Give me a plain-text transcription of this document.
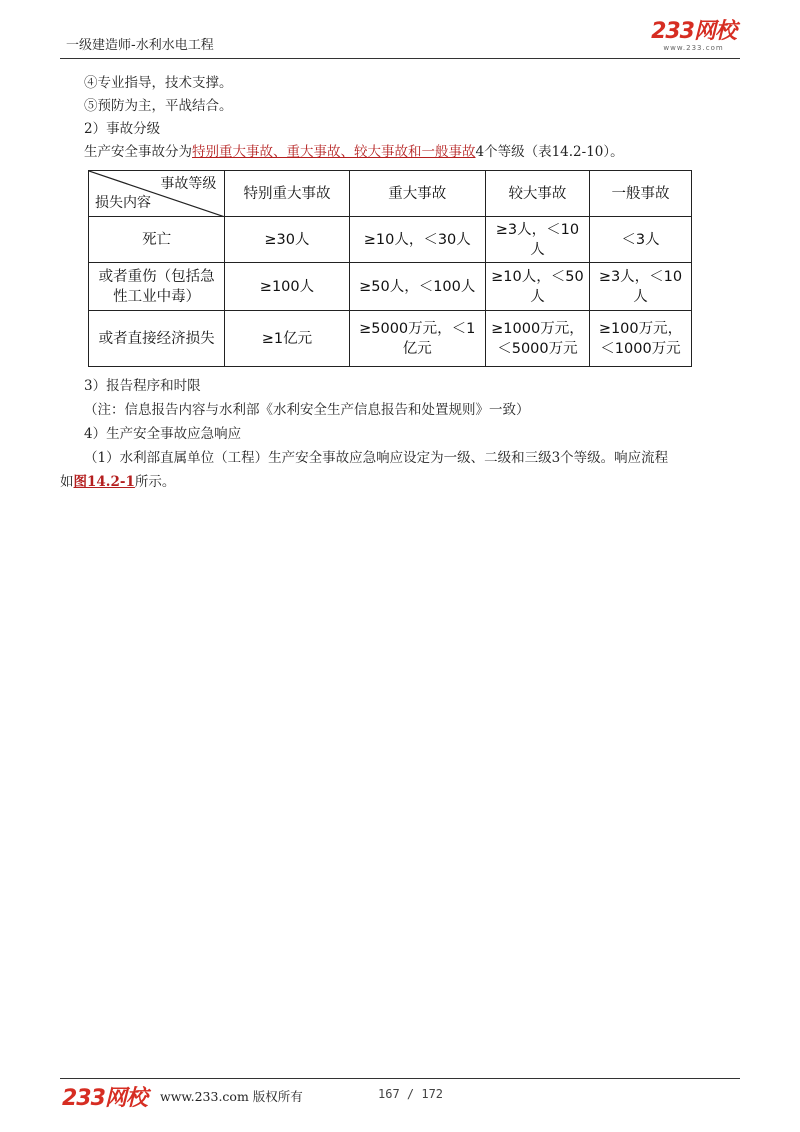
一级建造师-水利水电工程
233网校
www.233.com
④专业指导，技术支撑。
⑤预防为主，平战结合。
2）事故分级
生产安全事故分为特别重大事故、重大事故、较大事故和一般事故4个等级（表14.2-10）。
事故等级
损失内容	特别重大事故	重大事故	较大事故	一般事故
死亡	≥30人	≥10人，＜30人	≥3人，＜10人	＜3人
或者重伤（包括急性工业中毒）	≥100人	≥50人，＜100人	≥10人，＜50人	≥3人，＜10人
或者直接经济损失	≥1亿元	≥5000万元，＜1亿元	≥1000万元，＜5000万元	≥100万元，＜1000万元
3）报告程序和时限
（注：信息报告内容与水利部《水利安全生产信息报告和处置规则》一致）
4）生产安全事故应急响应
（1）水利部直属单位（工程）生产安全事故应急响应设定为一级、二级和三级3个等级。响应流程
如图14.2-1所示。
233网校 www.233.com 版权所有	167 / 172
